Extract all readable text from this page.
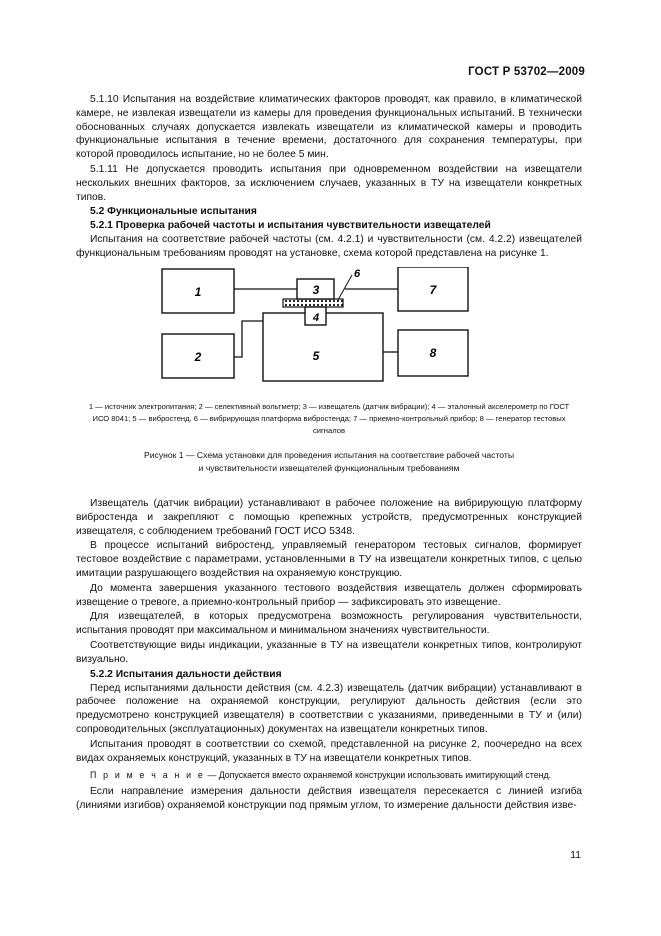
ГОСТ Р 53702—2009

5.1.10 Испытания на воздействие климатических факторов проводят, как правило, в климатической камере, не извлекая извещатели из камеры для проведения функциональных испытаний. В технически обоснованных случаях допускается извлекать извещатели из климатической камеры и проводить функциональные испытания в течение времени, достаточного для сохранения температуры, при которой проводилось испытание, но не более 5 мин.

5.1.11 Не допускается проводить испытания при одновременном воздействии на извещатели нескольких внешних факторов, за исключением случаев, указанных в ТУ на извещатели конкретных типов.

5.2 Функциональные испытания
5.2.1 Проверка рабочей частоты и испытания чувствительности извещателей

Испытания на соответствие рабочей частоты (см. 4.2.1) и чувствительности (см. 4.2.2) извещателей функциональным требованиям проводят на установке, схема которой представлена на рисунке 1.

1
2	5
3
4
6
7
8
1 — источник электропитания; 2 — селективный вольтметр; 3 — извещатель (датчик вибрации); 4 — эталонный акселерометр по ГОСТ ИСО 8041; 5 — вибростенд. 6 — вибрирующая платформа вибростенда; 7 — приемно-контрольный прибор; 8 — генератор тестовых сигналов
Рисунок 1 — Схема установки для проведения испытания на соответствие рабочей частоты
и чувствительности извещателей функциональным требованиям

Извещатель (датчик вибрации) устанавливают в рабочее положение на вибрирующую платформу вибростенда и закрепляют с помощью крепежных устройств, предусмотренных конструкцией извещателя, с соблюдением требований ГОСТ ИСО 5348.

В процессе испытаний вибростенд, управляемый генератором тестовых сигналов, формирует тестовое воздействие с параметрами, установленными в ТУ на извещатели конкретных типов, с целью имитации разрушающего воздействия на охраняемую конструкцию.

До момента завершения указанного тестового воздействия извещатель должен сформировать извещение о тревоге, а приемно-контрольный прибор — зафиксировать это извещение.

Для извещателей, в которых предусмотрена возможность регулирования чувствительности, испытания проводят при максимальном и минимальном значениях чувствительности.

Соответствующие виды индикации, указанные в ТУ на извещатели конкретных типов, контролируют визуально.

5.2.2 Испытания дальности действия

Перед испытаниями дальности действия (см. 4.2.3) извещатель (датчик вибрации) устанавливают в рабочее положение на охраняемой конструкции, регулируют дальность действия (если это предусмотрено конструкцией извещателя) в соответствии с указаниями, приведенными в ТУ и (или) сопроводительных (эксплуатационных) документах на извещатели конкретных типов.

Испытания проводят в соответствии со схемой, представленной на рисунке 2, поочередно на всех видах охраняемых конструкций, указанных в ТУ на извещатели конкретных типов.

П р и м е ч а н и е — Допускается вместо охраняемой конструкции использовать имитирующий стенд.

Если направление измерения дальности действия извещателя пересекается с линией изгиба (линиями изгибов) охраняемой конструкции под прямым углом, то измерение дальности действия изве-

11
